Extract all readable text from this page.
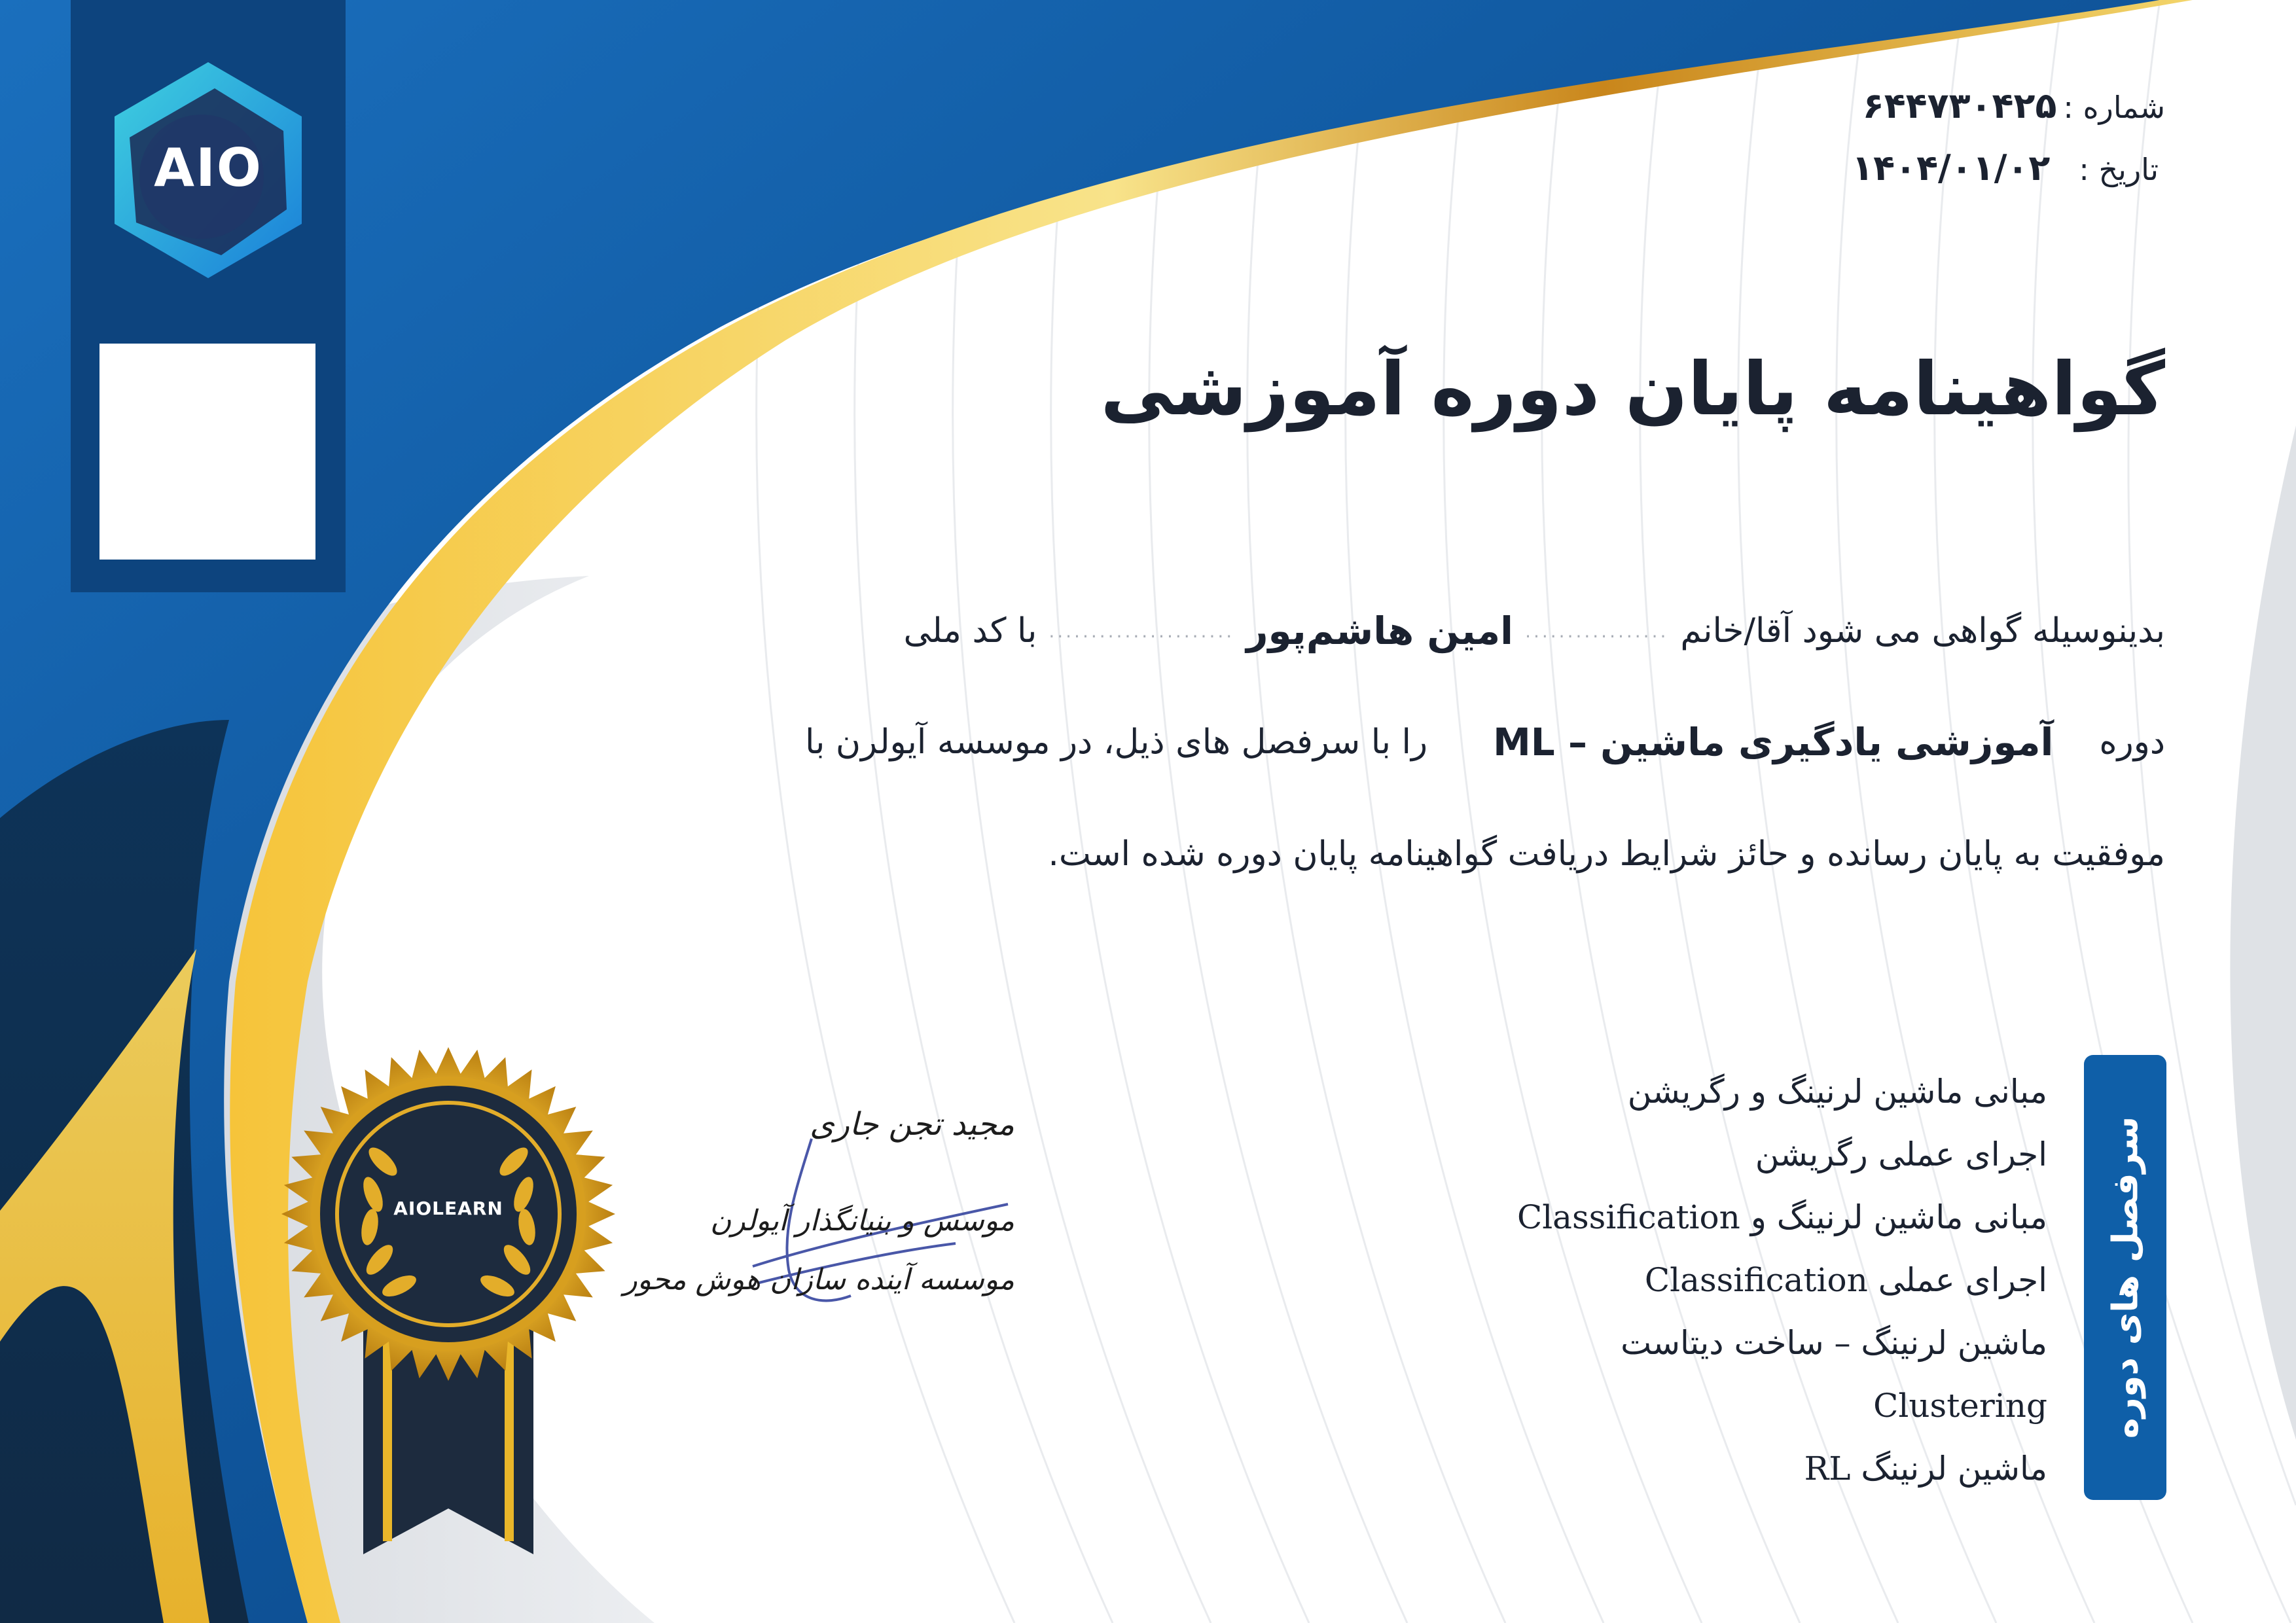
AIO
شماره :
۶۴۴۷۳۰۴۲۵
تاریخ :
۱۴۰۴/۰۱/۰۲
گواهینامه پایان دوره آموزشی
بدینوسیله گواهی می شود آقا/خانم
.................
امین هاشم‌پور
......................
با کد ملی
دوره
آموزشی یادگیری ماشین – ML
را با سرفصل های ذیل، در موسسه آیولرن با
موفقیت به پایان رسانده و حائز شرایط دریافت گواهینامه پایان دوره شده است.
مبانی ماشین لرنینگ و رگریشن
اجرای عملی رگریشن
مبانی ماشین لرنینگ و Classification
اجرای عملی Classification
ماشین لرنینگ – ساخت دیتاست
Clustering
ماشین لرنینگ RL
سرفصل های دوره
AIOLEARN
مجید تجن جاری
موسس و بنیانگذار آیولرن
موسسه آینده سازان هوش محور
